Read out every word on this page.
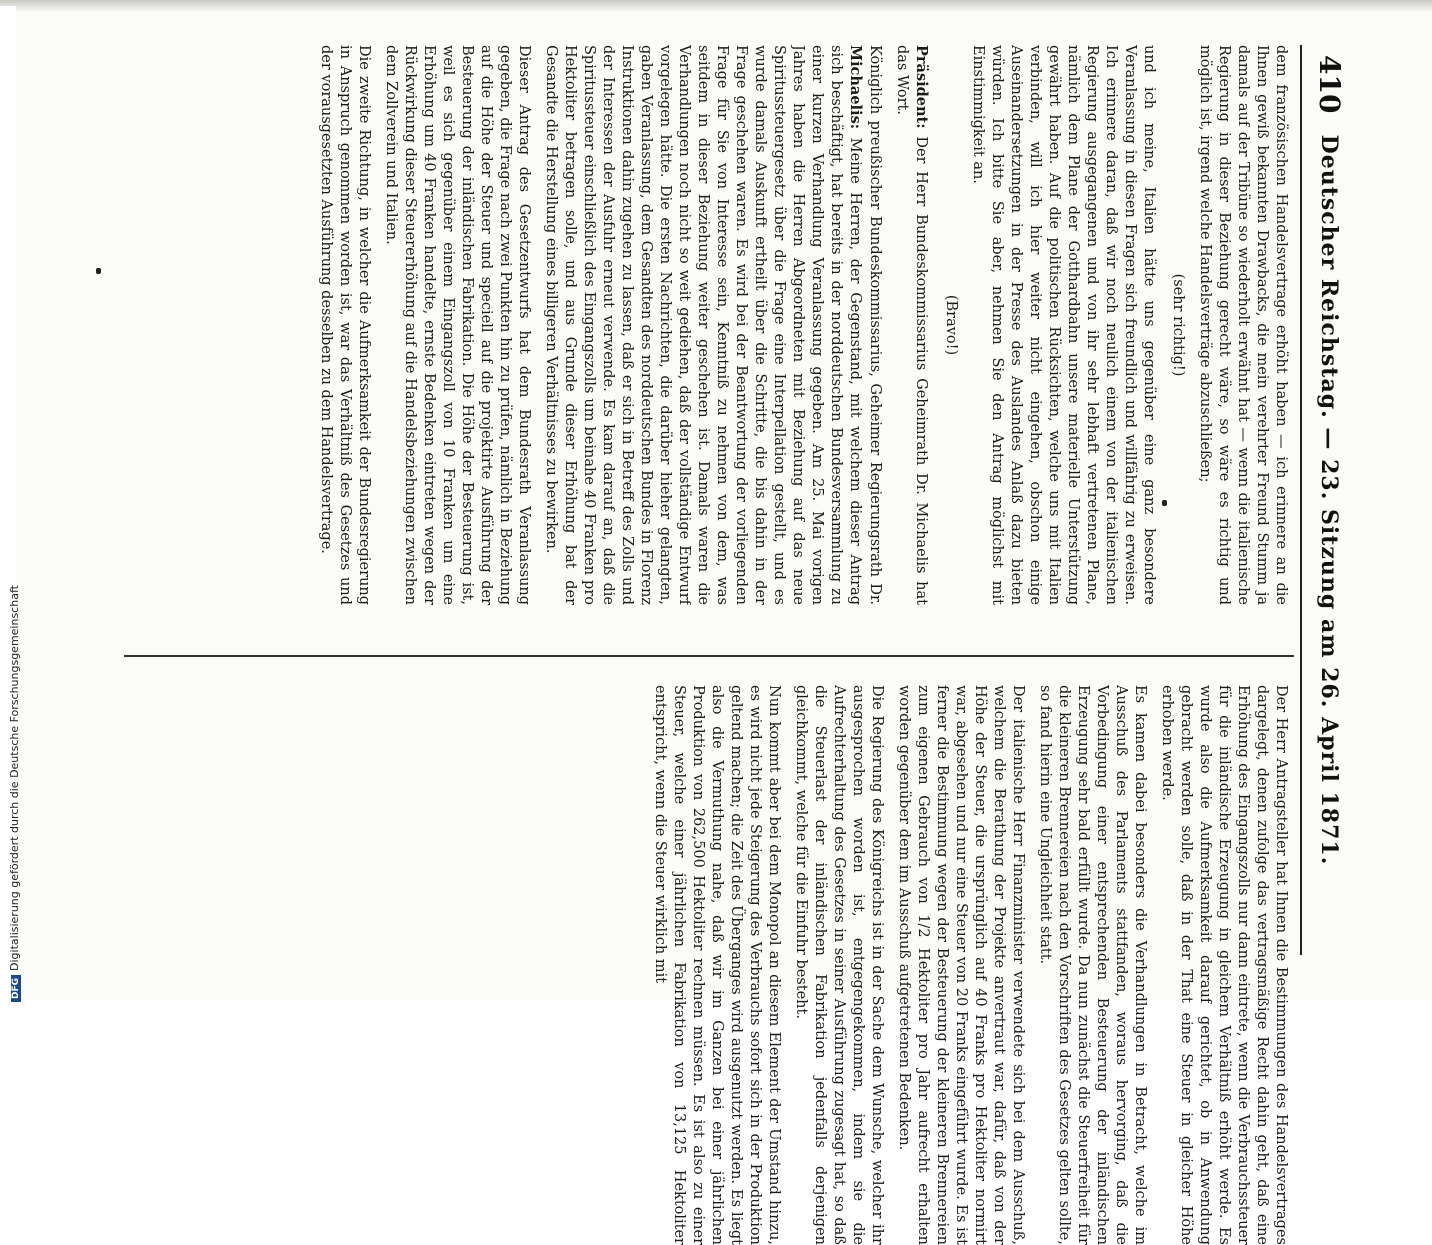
410
Deutscher Reichstag. — 23. Sitzung am 26. April 1871.

dem französischen Handelsvertrage erhöht haben — ich erinnere an die Ihnen gewiß bekannten Drawbacks, die mein verehrter Freund Stumm ja damals auf der Tribüne so wiederholt erwähnt hat — wenn die italienische Regierung in dieser Beziehung gerecht wäre, so wäre es richtig und möglich ist, irgend welche Handelsverträge abzuschließen;

(sehr richtig!)

und ich meine, Italien hätte uns gegenüber eine ganz besondere Veranlassung in diesen Fragen sich freundlich und willfährig zu erweisen. Ich erinnere daran, daß wir noch neulich einem von der italienischen Regierung ausgegangenen und von ihr sehr lebhaft vertretenen Plane, nämlich dem Plane der Gotthardbahn unsere materielle Unterstützung gewährt haben. Auf die politischen Rücksichten, welche uns mit Italien verbinden, will ich hier weiter nicht eingehen, obschon einige Auseinandersetzungen in der Presse des Auslandes Anlaß dazu bieten würden. Ich bitte Sie aber, nehmen Sie den Antrag möglichst mit Einstimmigkeit an.

(Bravo!)

Präsident: Der Herr Bundeskommissarius Geheimrath Dr. Michaelis hat das Wort.

Königlich preußischer Bundeskommissarius, Geheimer Regierungsrath Dr. Michaelis: Meine Herren, der Gegenstand, mit welchem dieser Antrag sich beschäftigt, hat bereits in der norddeutschen Bundesversammlung zu einer kurzen Verhandlung Veranlassung gegeben. Am 25. Mai vorigen Jahres haben die Herren Abgeordneten mit Beziehung auf das neue Spiritussteuergesetz über die Frage eine Interpellation gestellt, und es wurde damals Auskunft ertheilt über die Schritte, die bis dahin in der Frage geschehen waren. Es wird bei der Beantwortung der vorliegenden Frage für Sie von Interesse sein, Kenntniß zu nehmen von dem, was seitdem in dieser Beziehung weiter geschehen ist. Damals waren die Verhandlungen noch nicht so weit gediehen, daß der vollständige Entwurf vorgelegen hätte. Die ersten Nachrichten, die darüber hieher gelangten, gaben Veranlassung, dem Gesandten des norddeutschen Bundes in Florenz Instruktionen dahin zugehen zu lassen, daß er sich in Betreff des Zolls und der Interessen der Ausfuhr erneut verwende. Es kam darauf an, daß die Spiritussteuer einschließlich des Eingangszolls um beinahe 40 Franken pro Hektoliter betragen solle, und aus Grunde dieser Erhöhung bat der Gesandte die Herstellung eines billigeren Verhältnisses zu bewirken.

Dieser Antrag des Gesetzentwurfs hat dem Bundesrath Veranlassung gegeben, die Frage nach zwei Punkten hin zu prüfen, nämlich in Beziehung auf die Höhe der Steuer und speciell auf die projektirte Ausführung der Besteuerung der inländischen Fabrikation. Die Höhe der Besteuerung ist, weil es sich gegenüber einem Eingangszoll von 10 Franken um eine Erhöhung um 40 Franken handelte, ernste Bedenken eintreten wegen der Rückwirkung dieser Steuererhöhung auf die Handelsbeziehungen zwischen dem Zollverein und Italien.

Die zweite Richtung, in welcher die Aufmerksamkeit der Bundesregierung in Anspruch genommen worden ist, war das Verhältniß des Gesetzes und der vorausgesetzten Ausführung desselben zu dem Handelsvertrage.

Der Herr Antragsteller hat Ihnen die Bestimmungen des Handelsvertrages dargelegt, denen zufolge das vertragsmäßige Recht dahin geht, daß eine Erhöhung des Eingangszolls nur dann eintrete, wenn die Verbrauchssteuer für die inländische Erzeugung in gleichem Verhältniß erhöht werde. Es wurde also die Aufmerksamkeit darauf gerichtet, ob in Anwendung gebracht werden solle, daß in der That eine Steuer in gleicher Höhe erhoben werde.

Es kamen dabei besonders die Verhandlungen in Betracht, welche im Ausschuß des Parlaments stattfanden, woraus hervorging, daß die Vorbedingung einer entsprechenden Besteuerung der inländischen Erzeugung sehr bald erfüllt wurde. Da nun zunächst die Steuerfreiheit für die kleineren Brennereien nach den Vorschriften des Gesetzes gelten sollte, so fand hierin eine Ungleichheit statt.

Der italienische Herr Finanzminister verwendete sich bei dem Ausschuß, welchem die Berathung der Projekte anvertraut war, dafür, daß von der Höhe der Steuer, die ursprünglich auf 40 Franks pro Hektoliter normirt war, abgesehen und nur eine Steuer von 20 Franks eingeführt wurde. Es ist ferner die Bestimmung wegen der Besteuerung der kleineren Brennereien zum eigenen Gebrauch von 1/2 Hektoliter pro Jahr aufrecht erhalten worden gegenüber dem im Ausschuß aufgetretenen Bedenken.

Die Regierung des Königreichs ist in der Sache dem Wunsche, welcher ihr ausgesprochen worden ist, entgegengekommen, indem sie die Aufrechterhaltung des Gesetzes in seiner Ausführung zugesagt hat, so daß die Steuerlast der inländischen Fabrikation jedenfalls derjenigen gleichkommt, welche für die Einfuhr besteht.

Nun kommt aber bei dem Monopol an diesem Element der Umstand hinzu, es wird nicht jede Steigerung des Verbrauchs sofort sich in der Produktion geltend machen; die Zeit des Überganges wird ausgenutzt werden. Es liegt also die Vermuthung nahe, daß wir im Ganzen bei einer jährlichen Produktion von 262,500 Hektoliter rechnen müssen. Es ist also zu einer Steuer, welche einer jährlichen Fabrikation von 13,125 Hektoliter entspricht, wenn die Steuer wirklich mit

DFGDigitalisierung gefördert durch die Deutsche Forschungsgemeinschaft
